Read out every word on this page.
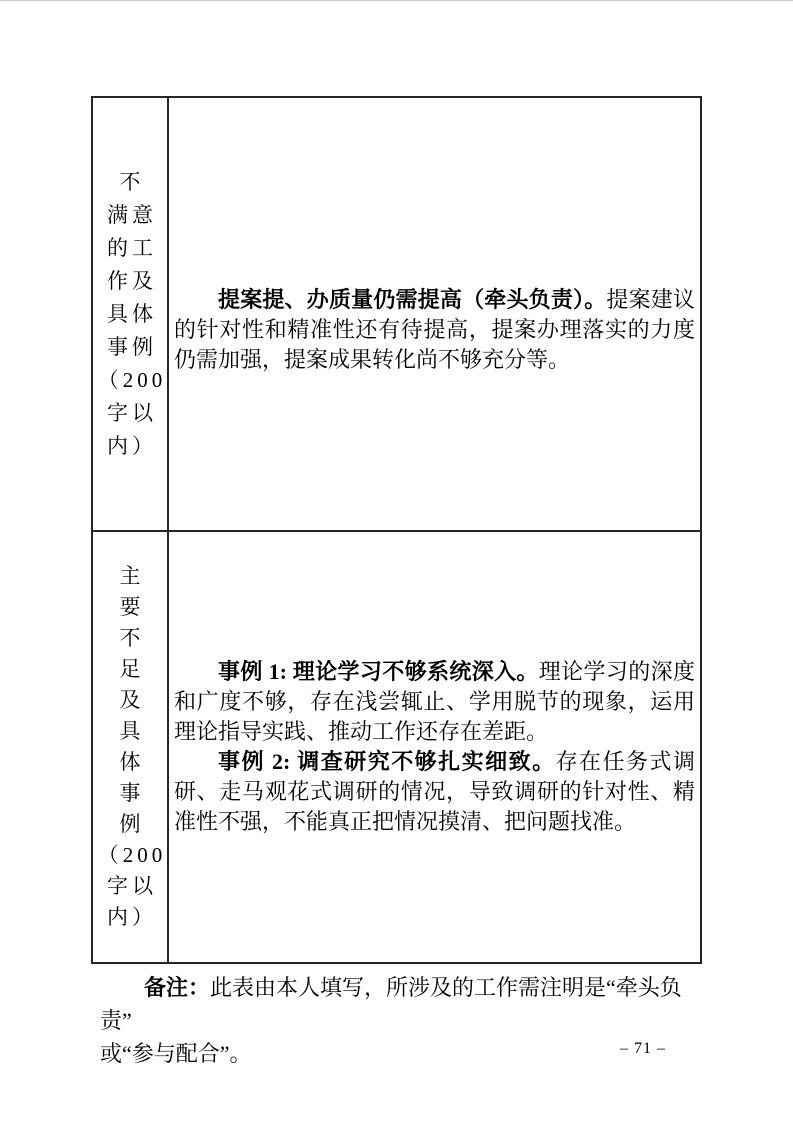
不
满意
的工
作及
具体
事例
（200
字以
内）

提案提、办质量仍需提高（牵头负责）。提案建议的针对性和精准性还有待提高，提案办理落实的力度仍需加强，提案成果转化尚不够充分等。

主
要
不
足
及
具
体
事
例
（200
字以
内）

事例 1: 理论学习不够系统深入。理论学习的深度和广度不够，存在浅尝辄止、学用脱节的现象，运用理论指导实践、推动工作还存在差距。

事例 2: 调查研究不够扎实细致。存在任务式调研、走马观花式调研的情况，导致调研的针对性、精准性不强，不能真正把情况摸清、把问题找准。

备注：此表由本人填写，所涉及的工作需注明是“牵头负责”
或“参与配合”。	– 71 –
